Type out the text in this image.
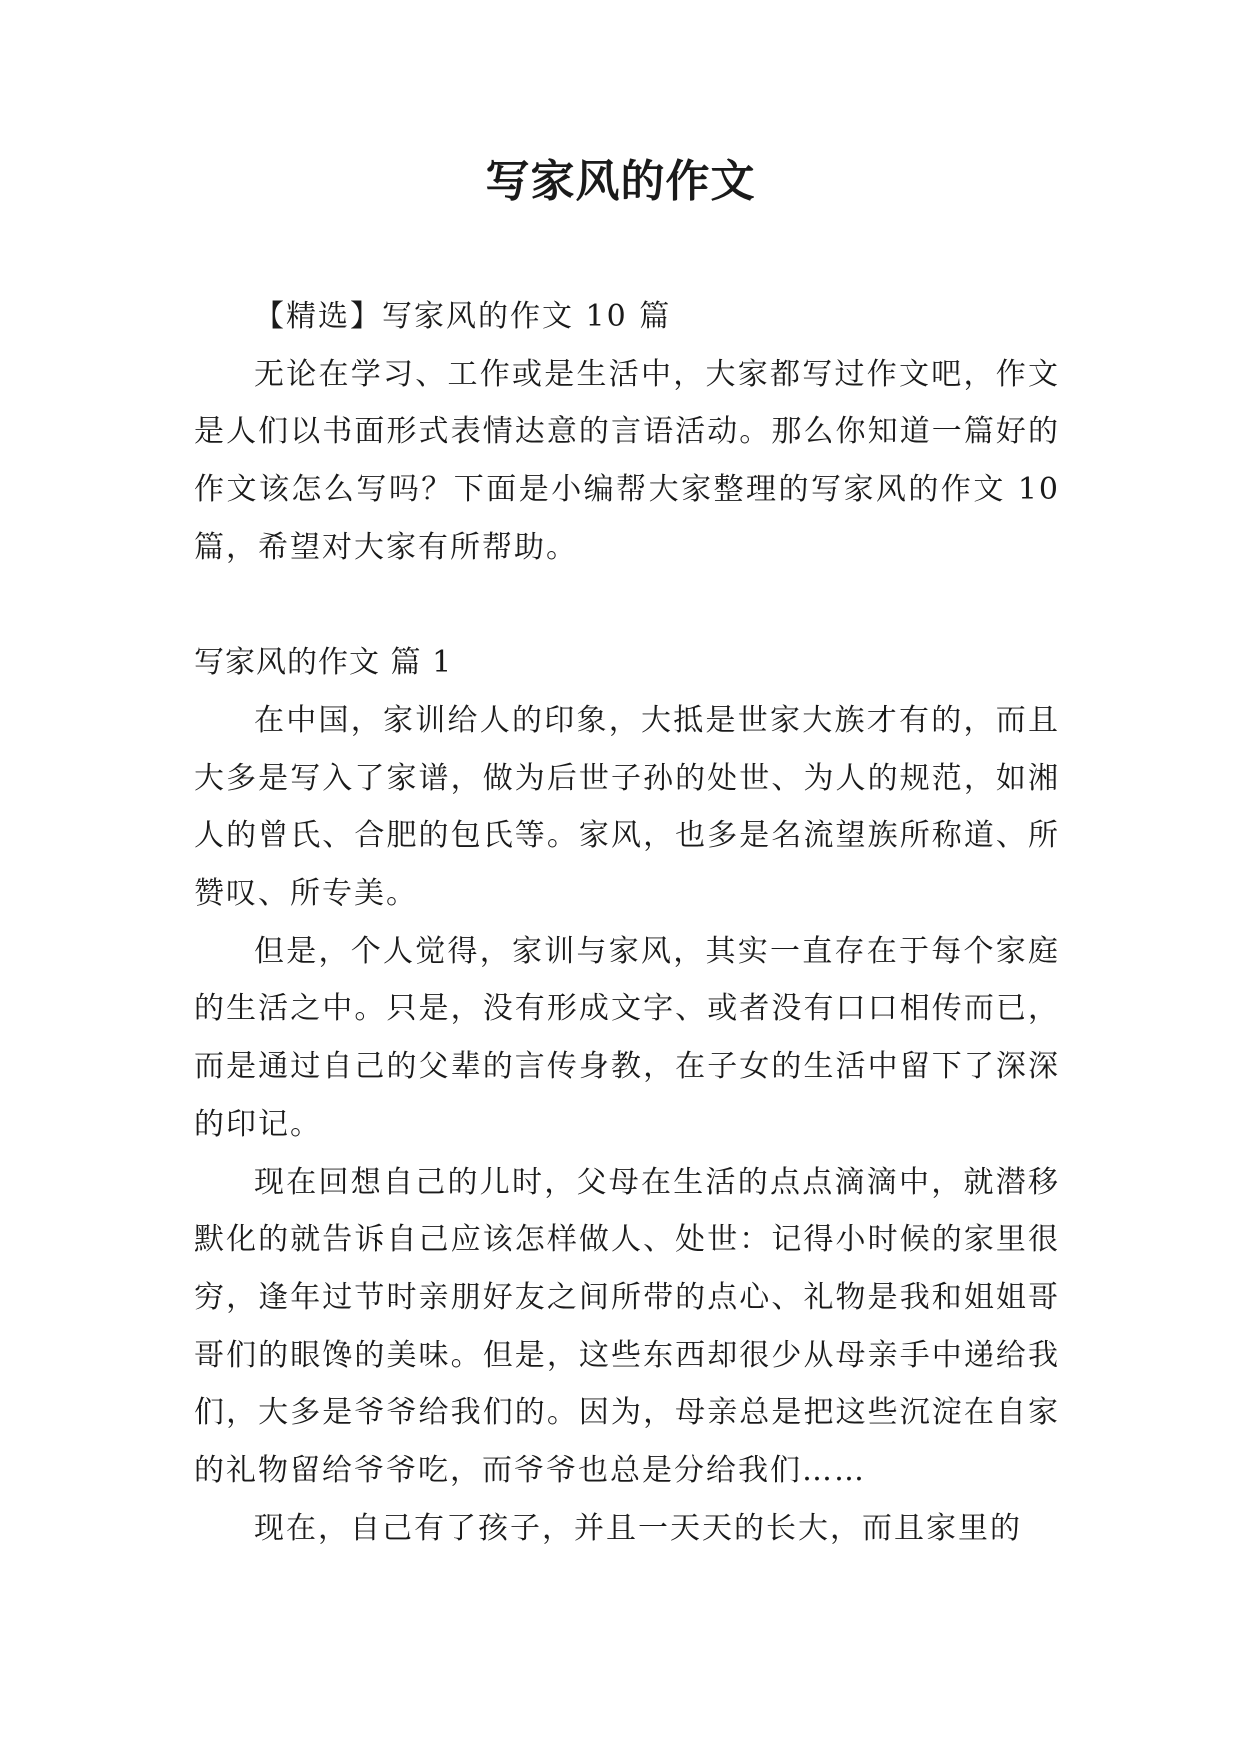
写家风的作文

【精选】写家风的作文 10 篇

无论在学习、工作或是生活中，大家都写过作文吧，作文是人们以书面形式表情达意的言语活动。那么你知道一篇好的作文该怎么写吗？下面是小编帮大家整理的写家风的作文 10 篇，希望对大家有所帮助。

写家风的作文 篇 1

在中国，家训给人的印象，大抵是世家大族才有的，而且大多是写入了家谱，做为后世子孙的处世、为人的规范，如湘人的曾氏、合肥的包氏等。家风，也多是名流望族所称道、所赞叹、所专美。

但是，个人觉得，家训与家风，其实一直存在于每个家庭的生活之中。只是，没有形成文字、或者没有口口相传而已，而是通过自己的父辈的言传身教，在子女的生活中留下了深深的印记。

现在回想自己的儿时，父母在生活的点点滴滴中，就潜移默化的就告诉自己应该怎样做人、处世：记得小时候的家里很穷，逢年过节时亲朋好友之间所带的点心、礼物是我和姐姐哥哥们的眼馋的美味。但是，这些东西却很少从母亲手中递给我们，大多是爷爷给我们的。因为，母亲总是把这些沉淀在自家的礼物留给爷爷吃，而爷爷也总是分给我们……

现在，自己有了孩子，并且一天天的长大，而且家里的
